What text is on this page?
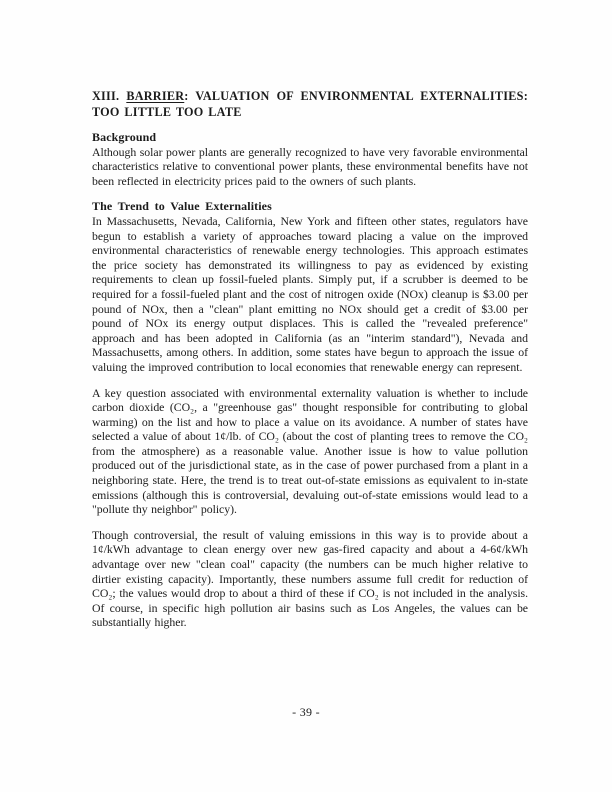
XIII. BARRIER: VALUATION OF ENVIRONMENTAL EXTERNALITIES:
TOO LITTLE TOO LATE
Background

Although solar power plants are generally recognized to have very favorable environmental characteristics relative to conventional power plants, these environmental benefits have not been reflected in electricity prices paid to the owners of such plants.

The Trend to Value Externalities

In Massachusetts, Nevada, California, New York and fifteen other states, regulators have begun to establish a variety of approaches toward placing a value on the improved environmental characteristics of renewable energy technologies. This approach estimates the price society has demonstrated its willingness to pay as evidenced by existing requirements to clean up fossil-fueled plants. Simply put, if a scrubber is deemed to be required for a fossil-fueled plant and the cost of nitrogen oxide (NOx) cleanup is $3.00 per pound of NOx, then a "clean" plant emitting no NOx should get a credit of $3.00 per pound of NOx its energy output displaces. This is called the "revealed preference" approach and has been adopted in California (as an "interim standard"), Nevada and Massachusetts, among others. In addition, some states have begun to approach the issue of valuing the improved contribution to local economies that renewable energy can represent.

A key question associated with environmental externality valuation is whether to include carbon dioxide (CO₂, a "greenhouse gas" thought responsible for contributing to global warming) on the list and how to place a value on its avoidance. A number of states have selected a value of about 1¢/lb. of CO₂ (about the cost of planting trees to remove the CO₂ from the atmosphere) as a reasonable value. Another issue is how to value pollution produced out of the jurisdictional state, as in the case of power purchased from a plant in a neighboring state. Here, the trend is to treat out-of-state emissions as equivalent to in-state emissions (although this is controversial, devaluing out-of-state emissions would lead to a "pollute thy neighbor" policy).

Though controversial, the result of valuing emissions in this way is to provide about a 1¢/kWh advantage to clean energy over new gas-fired capacity and about a 4-6¢/kWh advantage over new "clean coal" capacity (the numbers can be much higher relative to dirtier existing capacity). Importantly, these numbers assume full credit for reduction of CO₂; the values would drop to about a third of these if CO₂ is not included in the analysis. Of course, in specific high pollution air basins such as Los Angeles, the values can be substantially higher.

- 39 -
